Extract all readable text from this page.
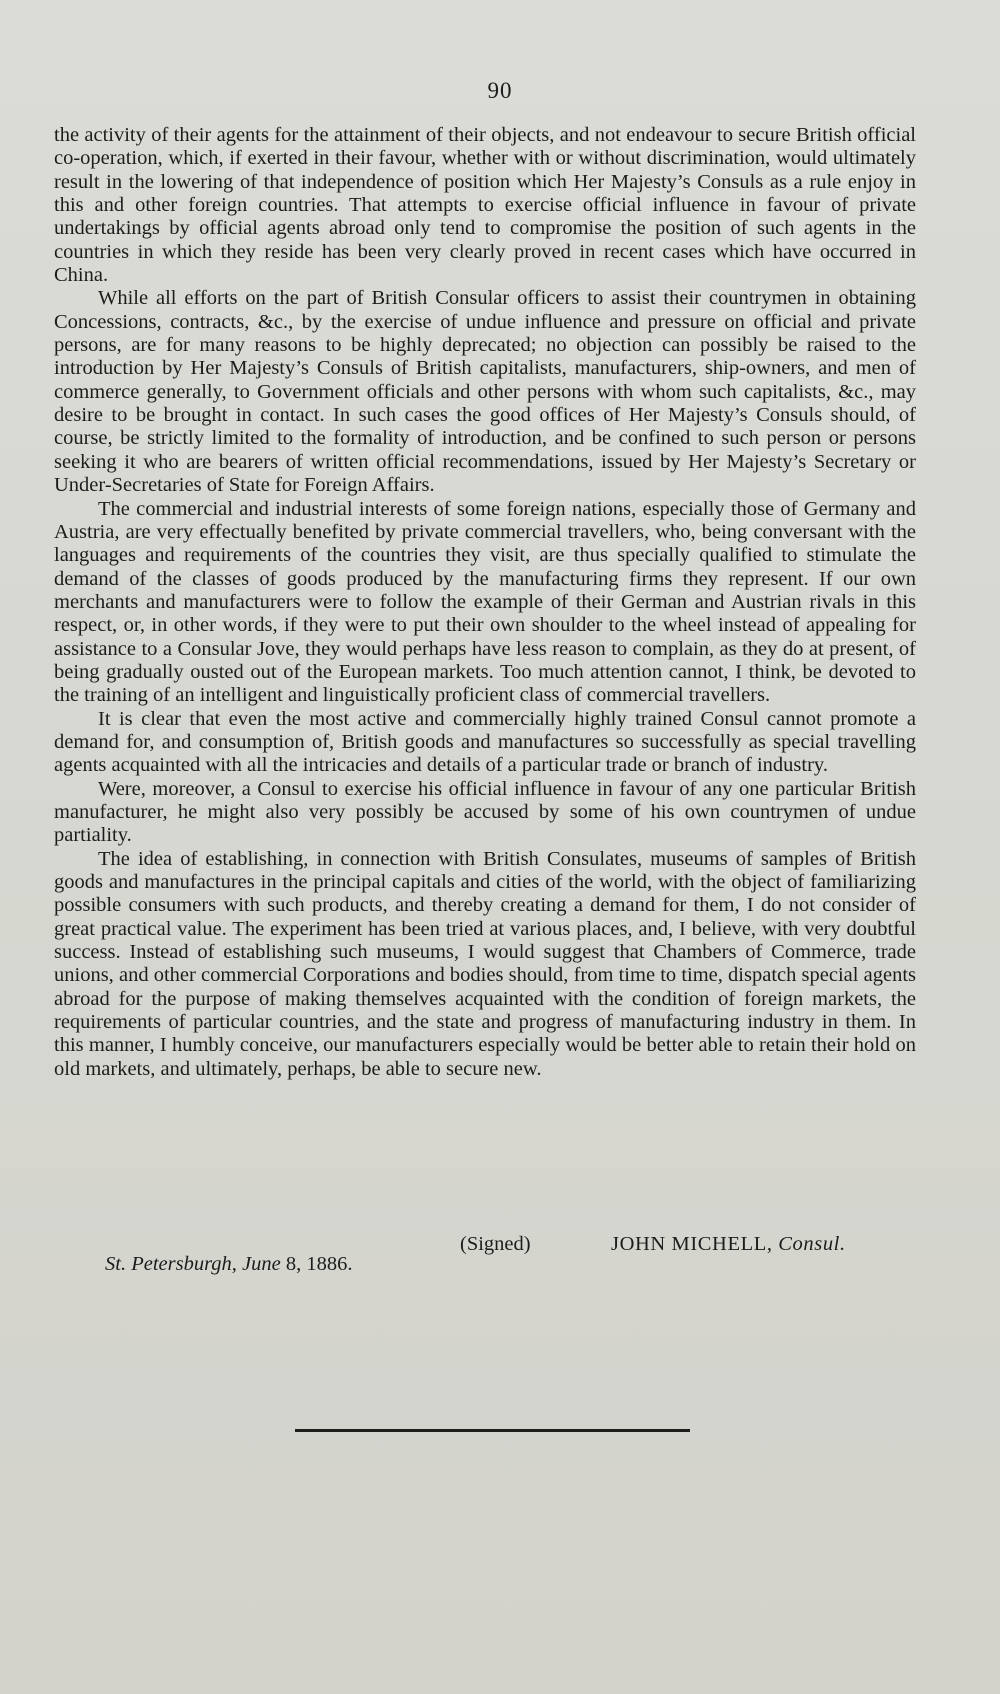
90

the activity of their agents for the attainment of their objects, and not endeavour to secure British official co-operation, which, if exerted in their favour, whether with or without discrimination, would ultimately result in the lowering of that independence of position which Her Majesty’s Consuls as a rule enjoy in this and other foreign countries. That attempts to exercise official influence in favour of private undertakings by official agents abroad only tend to compromise the position of such agents in the countries in which they reside has been very clearly proved in recent cases which have occurred in China.

While all efforts on the part of British Consular officers to assist their countrymen in obtaining Concessions, contracts, &c., by the exercise of undue influence and pressure on official and private persons, are for many reasons to be highly deprecated; no objection can possibly be raised to the introduction by Her Majesty’s Consuls of British capitalists, manufacturers, ship-owners, and men of commerce generally, to Government officials and other persons with whom such capitalists, &c., may desire to be brought in contact. In such cases the good offices of Her Majesty’s Consuls should, of course, be strictly limited to the formality of introduction, and be confined to such person or persons seeking it who are bearers of written official recommendations, issued by Her Majesty’s Secretary or Under-Secretaries of State for Foreign Affairs.

The commercial and industrial interests of some foreign nations, especially those of Germany and Austria, are very effectually benefited by private commercial travellers, who, being conversant with the languages and requirements of the countries they visit, are thus specially qualified to stimulate the demand of the classes of goods produced by the manufacturing firms they represent. If our own merchants and manufacturers were to follow the example of their German and Austrian rivals in this respect, or, in other words, if they were to put their own shoulder to the wheel instead of appealing for assistance to a Consular Jove, they would perhaps have less reason to complain, as they do at present, of being gradually ousted out of the European markets. Too much attention cannot, I think, be devoted to the training of an intelligent and linguistically proficient class of commercial travellers.

It is clear that even the most active and commercially highly trained Consul cannot promote a demand for, and consumption of, British goods and manufactures so successfully as special travelling agents acquainted with all the intricacies and details of a particular trade or branch of industry.

Were, moreover, a Consul to exercise his official influence in favour of any one particular British manufacturer, he might also very possibly be accused by some of his own countrymen of undue partiality.

The idea of establishing, in connection with British Consulates, museums of samples of British goods and manufactures in the principal capitals and cities of the world, with the object of familiarizing possible consumers with such products, and thereby creating a demand for them, I do not consider of great practical value. The experiment has been tried at various places, and, I believe, with very doubtful success. Instead of establishing such museums, I would suggest that Chambers of Commerce, trade unions, and other commercial Corporations and bodies should, from time to time, dispatch special agents abroad for the purpose of making themselves acquainted with the condition of foreign markets, the requirements of particular countries, and the state and progress of manufacturing industry in them. In this manner, I humbly conceive, our manufacturers especially would be better able to retain their hold on old markets, and ultimately, perhaps, be able to secure new.

(Signed)	JOHN MICHELL, Consul.
St. Petersburgh, June 8, 1886.
